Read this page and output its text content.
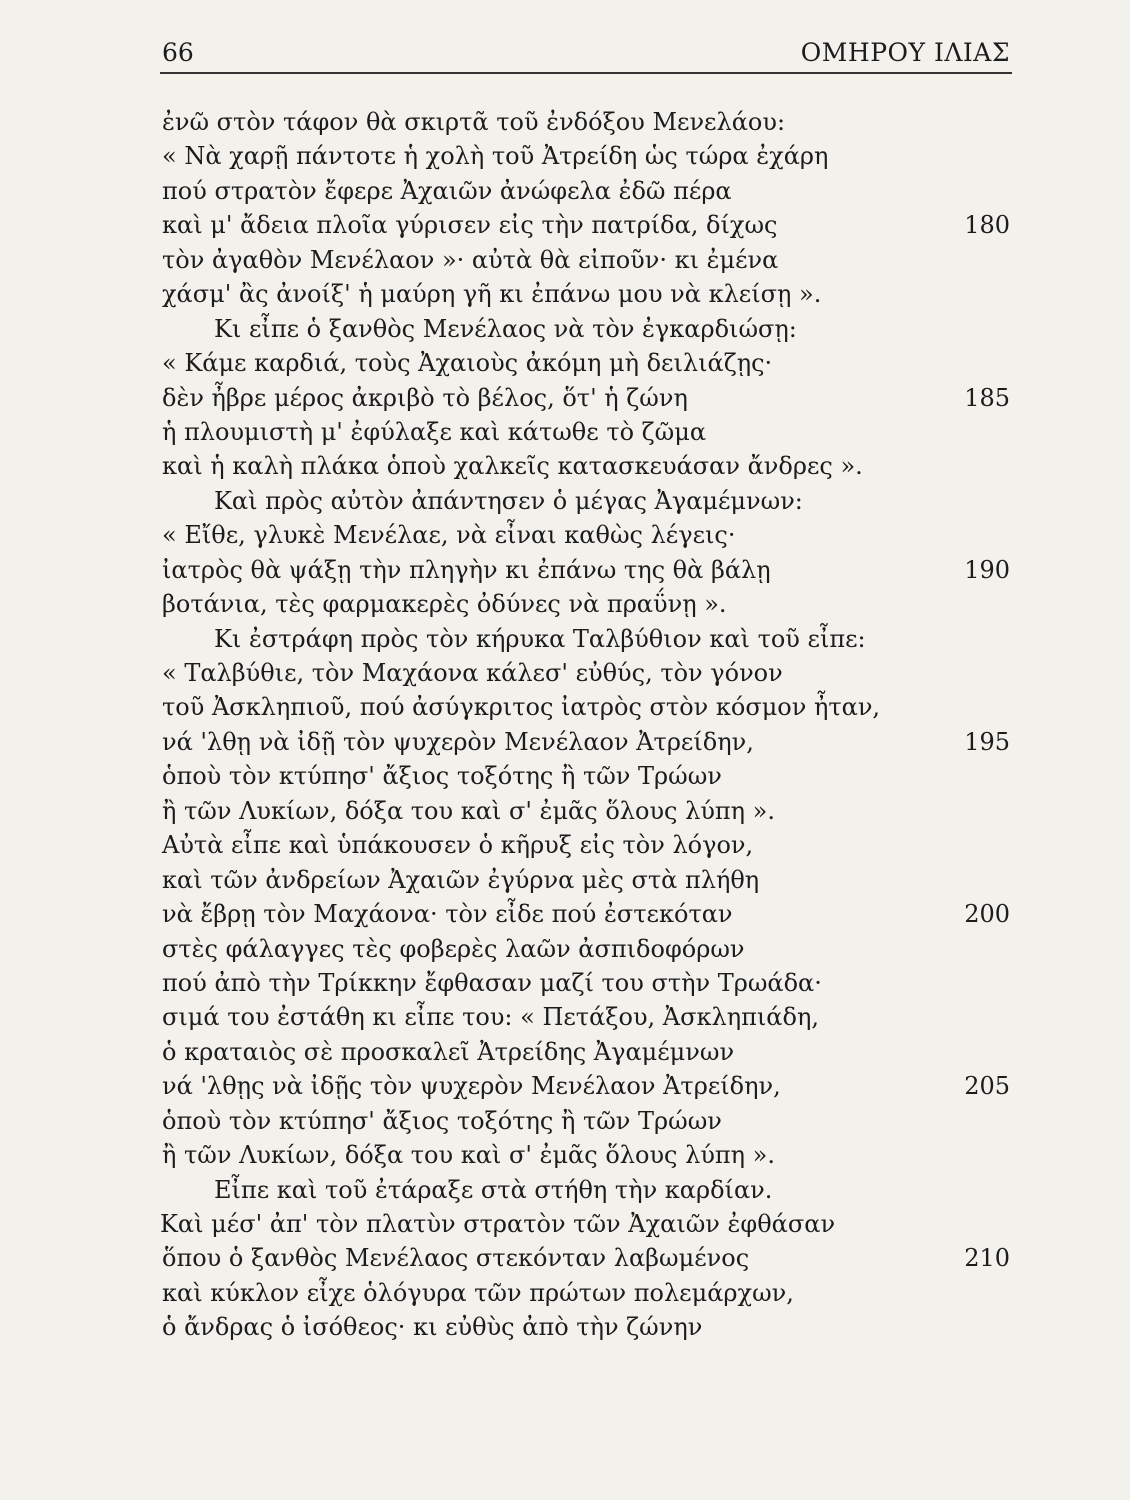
66	ΟΜΗΡΟΥ ΙΛΙΑΣ
ἐνῶ στὸν τάφον θὰ σκιρτᾶ τοῦ ἐνδόξου Μενελάου:
« Νὰ χαρῇ πάντοτε ἡ χολὴ τοῦ Ἀτρείδη ὡς τώρα ἐχάρη
πού στρατὸν ἔφερε Ἀχαιῶν ἀνώφελα ἐδῶ πέρα
καὶ μ' ἄδεια πλοῖα γύρισεν εἰς τὴν πατρίδα, δίχως	180
τὸν ἀγαθὸν Μενέλαον »· αὐτὰ θὰ εἰποῦν· κι ἐμένα
χάσμ' ἂς ἀνοίξ' ἡ μαύρη γῆ κι ἐπάνω μου νὰ κλείσῃ ».
Κι εἶπε ὁ ξανθὸς Μενέλαος νὰ τὸν ἐγκαρδιώσῃ:
« Κάμε καρδιά, τοὺς Ἀχαιοὺς ἀκόμη μὴ δειλιάζῃς·
δὲν ἦβρε μέρος ἀκριβὸ τὸ βέλος, ὅτ' ἡ ζώνη	185
ἡ πλουμιστὴ μ' ἐφύλαξε καὶ κάτωθε τὸ ζῶμα
καὶ ἡ καλὴ πλάκα ὁποὺ χαλκεῖς κατασκευάσαν ἄνδρες ».
Καὶ πρὸς αὐτὸν ἀπάντησεν ὁ μέγας Ἀγαμέμνων:
« Εἴθε, γλυκὲ Μενέλαε, νὰ εἶναι καθὼς λέγεις·
ἰατρὸς θὰ ψάξῃ τὴν πληγὴν κι ἐπάνω της θὰ βάλῃ	190
βοτάνια, τὲς φαρμακερὲς ὀδύνες νὰ πραΰνῃ ».
Κι ἐστράφη πρὸς τὸν κήρυκα Ταλβύθιον καὶ τοῦ εἶπε:
« Ταλβύθιε, τὸν Μαχάονα κάλεσ' εὐθύς, τὸν γόνον
τοῦ Ἀσκληπιοῦ, πού ἀσύγκριτος ἰατρὸς στὸν κόσμον ἦταν,
νά 'λθῃ νὰ ἰδῇ τὸν ψυχερὸν Μενέλαον Ἀτρείδην,	195
ὁποὺ τὸν κτύπησ' ἄξιος τοξότης ἢ τῶν Τρώων
ἢ τῶν Λυκίων, δόξα του καὶ σ' ἐμᾶς ὅλους λύπη ».
Αὐτὰ εἶπε καὶ ὑπάκουσεν ὁ κῆρυξ εἰς τὸν λόγον,
καὶ τῶν ἀνδρείων Ἀχαιῶν ἐγύρνα μὲς στὰ πλήθη
νὰ ἔβρῃ τὸν Μαχάονα· τὸν εἶδε πού ἐστεκόταν	200
στὲς φάλαγγες τὲς φοβερὲς λαῶν ἀσπιδοφόρων
πού ἀπὸ τὴν Τρίκκην ἔφθασαν μαζί του στὴν Τρωάδα·
σιμά του ἐστάθη κι εἶπε του: « Πετάξου, Ἀσκληπιάδη,
ὁ κραταιὸς σὲ προσκαλεῖ Ἀτρείδης Ἀγαμέμνων
νά 'λθῃς νὰ ἰδῇς τὸν ψυχερὸν Μενέλαον Ἀτρείδην,	205
ὁποὺ τὸν κτύπησ' ἄξιος τοξότης ἢ τῶν Τρώων
ἢ τῶν Λυκίων, δόξα του καὶ σ' ἐμᾶς ὅλους λύπη ».
Εἶπε καὶ τοῦ ἐτάραξε στὰ στήθη τὴν καρδίαν.
Καὶ μέσ' ἀπ' τὸν πλατὺν στρατὸν τῶν Ἀχαιῶν ἐφθάσαν
ὅπου ὁ ξανθὸς Μενέλαος στεκόνταν λαβωμένος	210
καὶ κύκλον εἶχε ὁλόγυρα τῶν πρώτων πολεμάρχων,
ὁ ἄνδρας ὁ ἰσόθεος· κι εὐθὺς ἀπὸ τὴν ζώνην
